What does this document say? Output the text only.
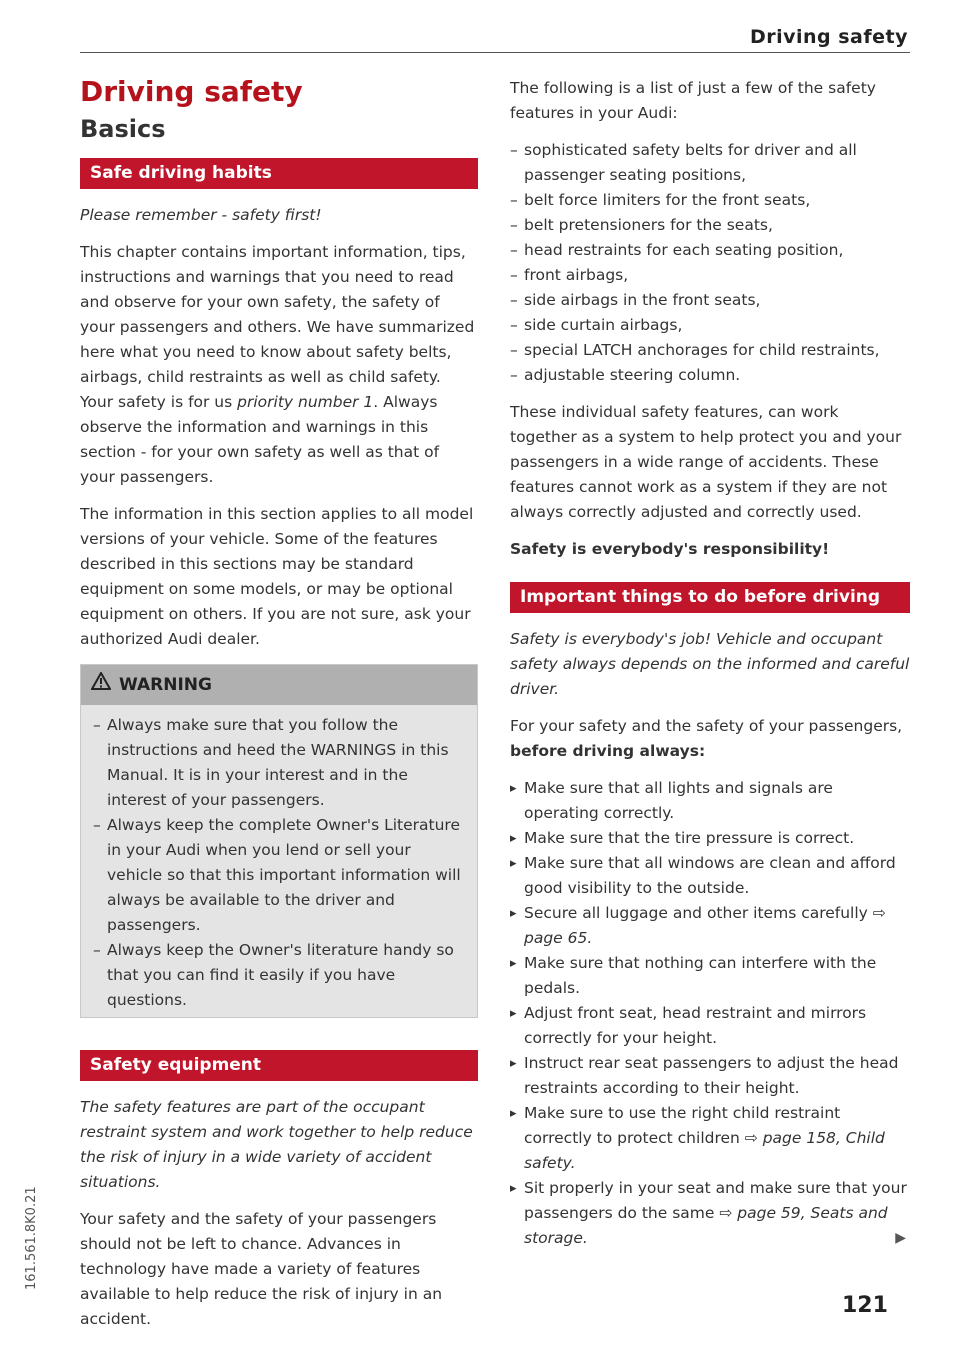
Driving safety
161.561.8K0.21
Driving safety
Basics
Safe driving habits

Please remember - safety first!

This chapter contains important information, tips, instructions and warnings that you need to read and observe for your own safety, the safety of your passengers and others. We have summarized here what you need to know about safety belts, airbags, child restraints as well as child safety. Your safety is for us priority number 1. Always observe the information and warnings in this section - for your own safety as well as that of your passengers.

The information in this section applies to all model versions of your vehicle. Some of the features described in this sections may be standard equipment on some models, or may be optional equipment on others. If you are not sure, ask your authorized Audi dealer.

WARNING
– Always make sure that you follow the instructions and heed the WARNINGS in this Manual. It is in your interest and in the interest of your passengers.
– Always keep the complete Owner's Literature in your Audi when you lend or sell your vehicle so that this important information will always be available to the driver and passengers.
– Always keep the Owner's literature handy so that you can find it easily if you have questions.
Safety equipment

The safety features are part of the occupant restraint system and work together to help reduce the risk of injury in a wide variety of accident situations.

Your safety and the safety of your passengers should not be left to chance. Advances in technology have made a variety of features available to help reduce the risk of injury in an accident.

The following is a list of just a few of the safety features in your Audi:

– sophisticated safety belts for driver and all passenger seating positions,
– belt force limiters for the front seats,
– belt pretensioners for the seats,
– head restraints for each seating position,
– front airbags,
– side airbags in the front seats,
– side curtain airbags,
– special LATCH anchorages for child restraints,
– adjustable steering column.

These individual safety features, can work together as a system to help protect you and your passengers in a wide range of accidents. These features cannot work as a system if they are not always correctly adjusted and correctly used.

Safety is everybody's responsibility!

Important things to do before driving

Safety is everybody's job! Vehicle and occupant safety always depends on the informed and careful driver.

For your safety and the safety of your passengers, before driving always:

▸ Make sure that all lights and signals are operating correctly.
▸ Make sure that the tire pressure is correct.
▸ Make sure that all windows are clean and afford good visibility to the outside.
▸ Secure all luggage and other items carefully ⇨ page 65.
▸ Make sure that nothing can interfere with the pedals.
▸ Adjust front seat, head restraint and mirrors correctly for your height.
▸ Instruct rear seat passengers to adjust the head restraints according to their height.
▸ Make sure to use the right child restraint correctly to protect children ⇨ page 158, Child safety.
▸ Sit properly in your seat and make sure that your passengers do the same ⇨ page 59, Seats and storage.	▶
121
